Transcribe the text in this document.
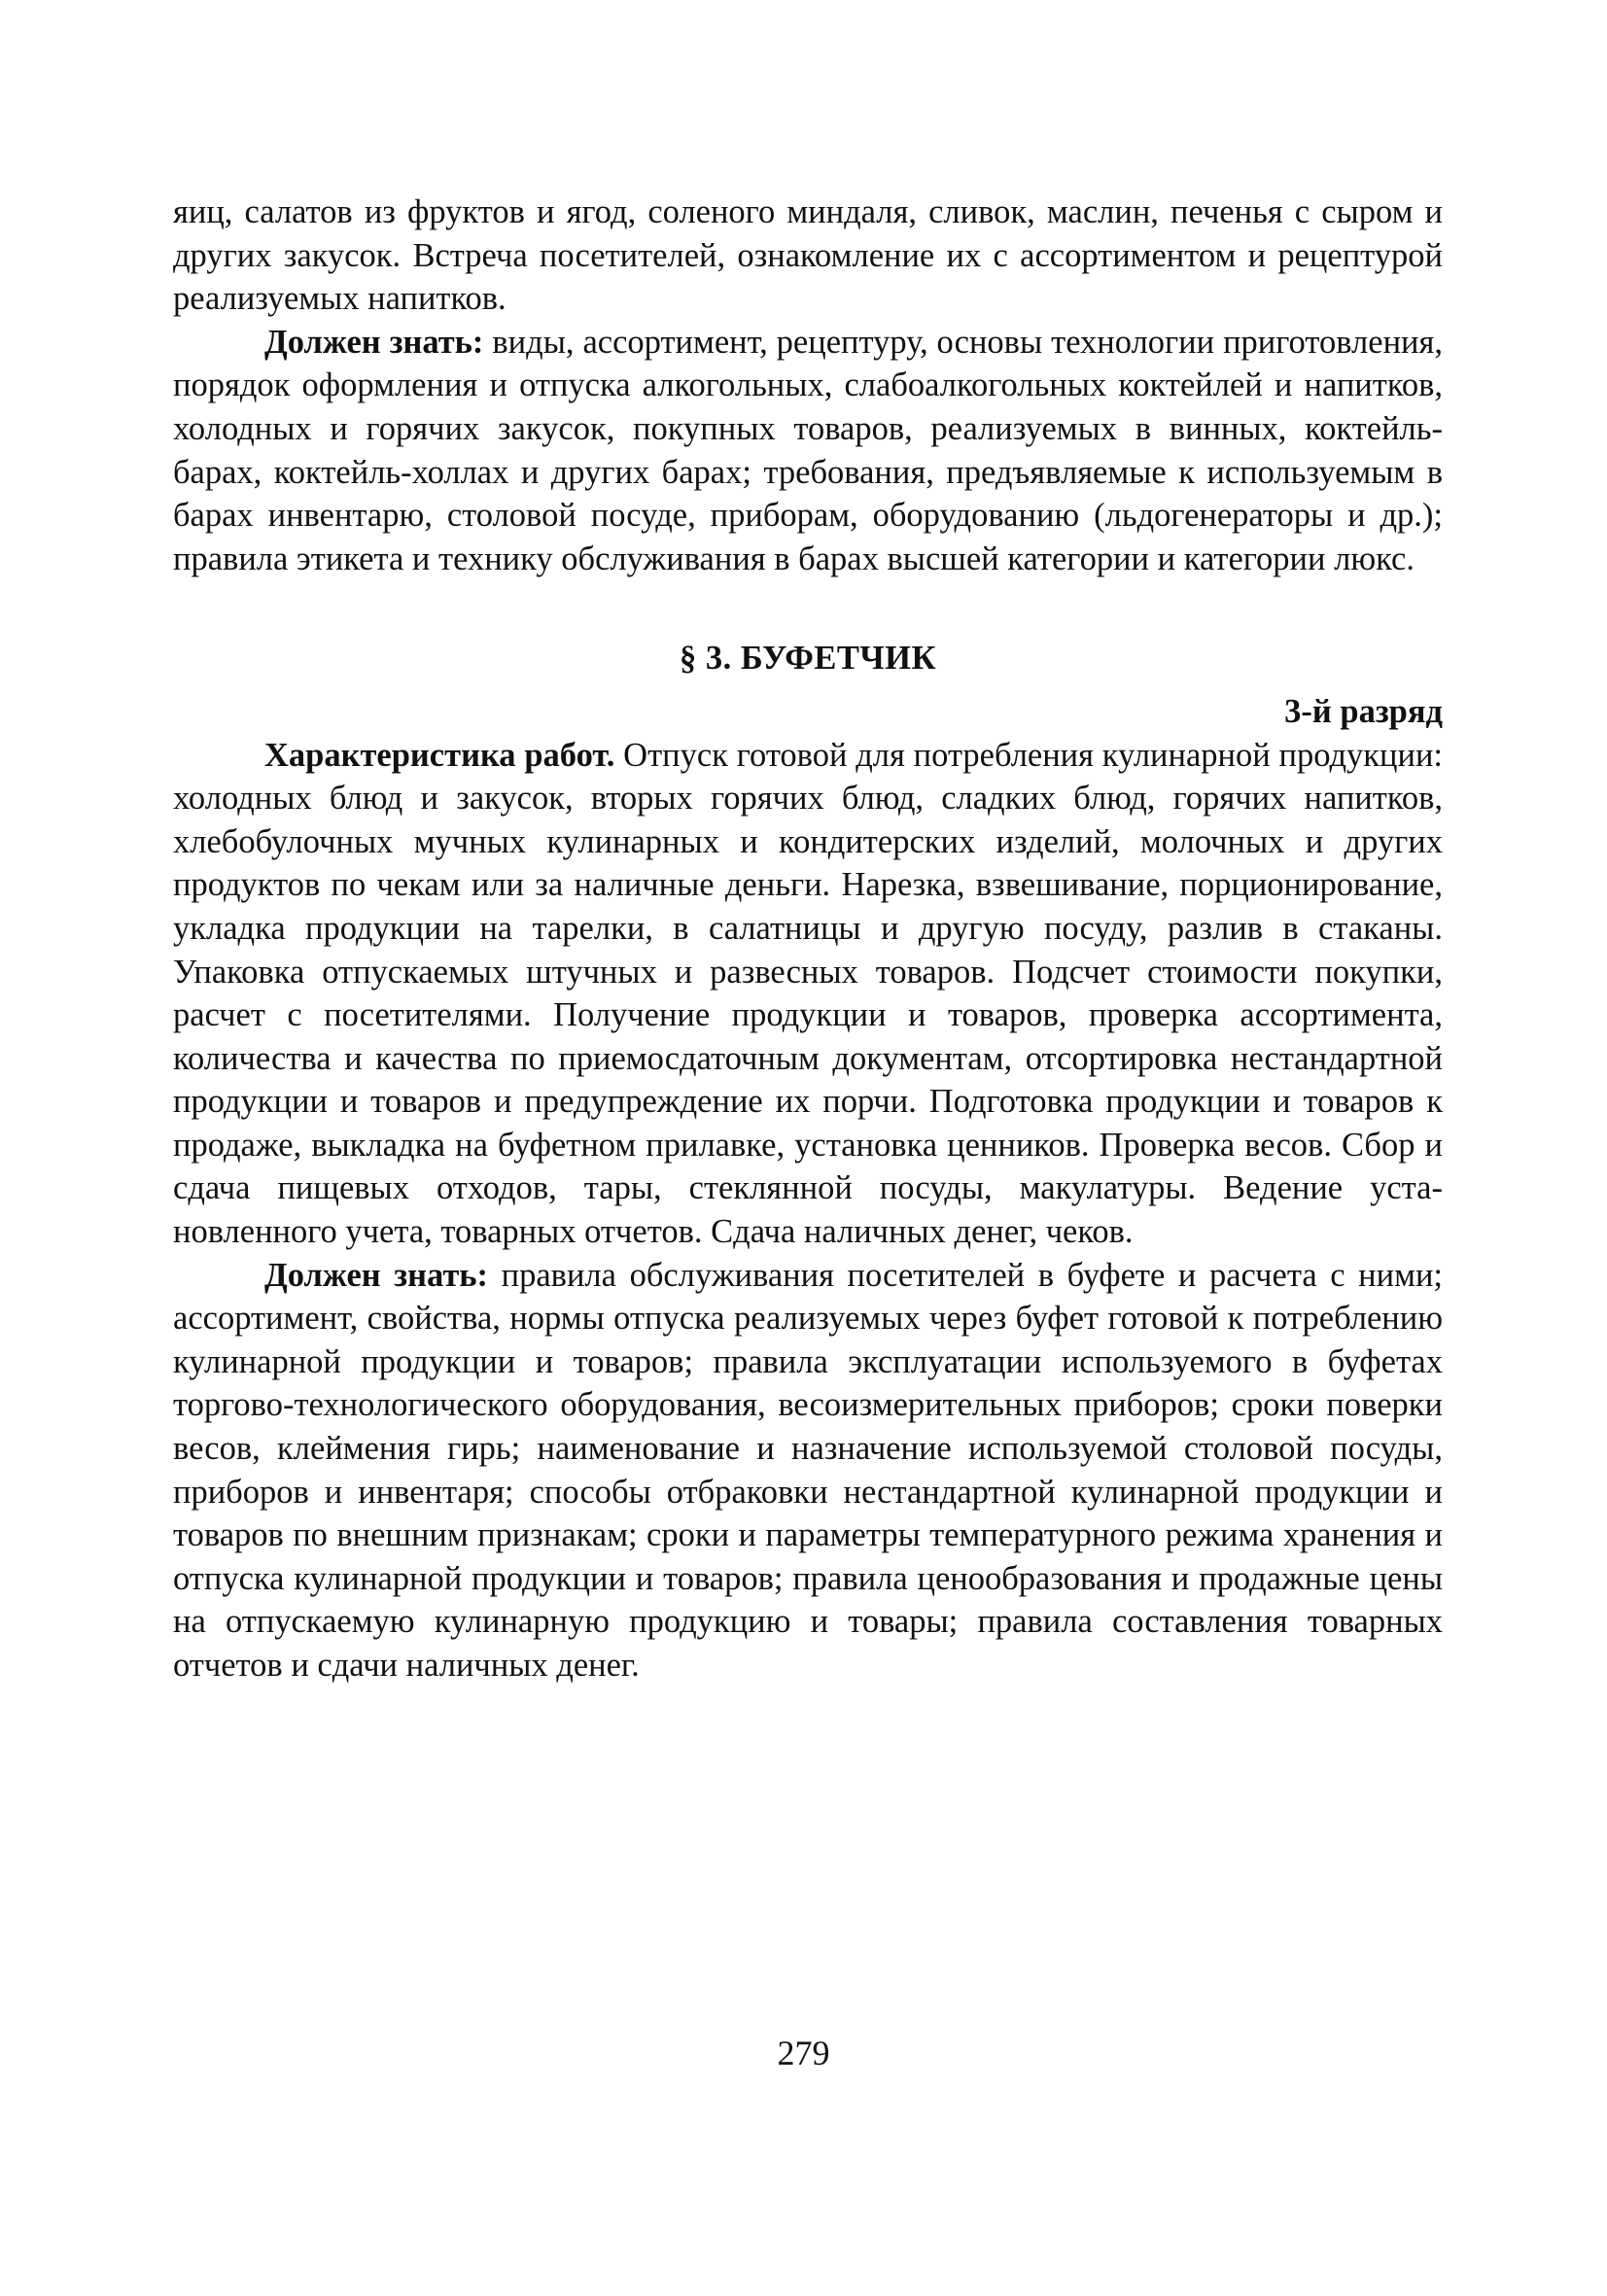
яиц, салатов из фруктов и ягод, соленого миндаля, сливок, маслин, печенья с сыром и других закусок. Встреча посетителей, ознакомление их с ассортиментом и рецептурой реализуемых напитков.

Должен знать: виды, ассортимент, рецептуру, основы технологии приготовления, порядок оформления и отпуска алкогольных, слабоалкогольных коктейлей и напитков, холодных и горячих закусок, покупных товаров, реализуемых в винных, коктейль-барах, коктейль-холлах и других барах; требования, предъявляемые к используемым в барах инвентарю, столовой посуде, приборам, оборудованию (льдогенераторы и др.); правила этикета и технику обслуживания в барах высшей категории и категории люкс.

§ 3. БУФЕТЧИК
3-й разряд

Характеристика работ. Отпуск готовой для потребления кулинарной продукции: холодных блюд и закусок, вторых горячих блюд, сладких блюд, горячих напитков, хлебобулочных мучных кулинарных и кондитерских изделий, молочных и других продуктов по чекам или за наличные деньги. Нарезка, взвешивание, порционирование, укладка продукции на тарелки, в салатницы и другую посуду, разлив в стаканы. Упаковка отпускаемых штучных и развесных товаров. Подсчет стоимости покупки, расчет с посетителями. Получение продукции и товаров, проверка ассортимента, количества и качества по приемосдаточным документам, отсортировка нестандартной продукции и товаров и предупреждение их порчи. Подготовка продукции и товаров к продаже, выкладка на буфетном прилавке, установка ценников. Проверка весов. Сбор и сдача пищевых отходов, тары, стеклянной посуды, макулатуры. Ведение установленного учета, товарных отчетов. Сдача наличных денег, чеков.

Должен знать: правила обслуживания посетителей в буфете и расчета с ними; ассортимент, свойства, нормы отпуска реализуемых через буфет готовой к потреблению кулинарной продукции и товаров; правила эксплуатации используемого в буфетах торгово-технологического оборудования, весоизмерительных приборов; сроки поверки весов, клеймения гирь; наименование и назначение используемой столовой посуды, приборов и инвентаря; способы отбраковки нестандартной кулинарной продукции и товаров по внешним признакам; сроки и параметры температурного режима хранения и отпуска кулинарной продукции и товаров; правила ценообразования и продажные цены на отпускаемую кулинарную продукцию и товары; правила составления товарных отчетов и сдачи наличных денег.

279
